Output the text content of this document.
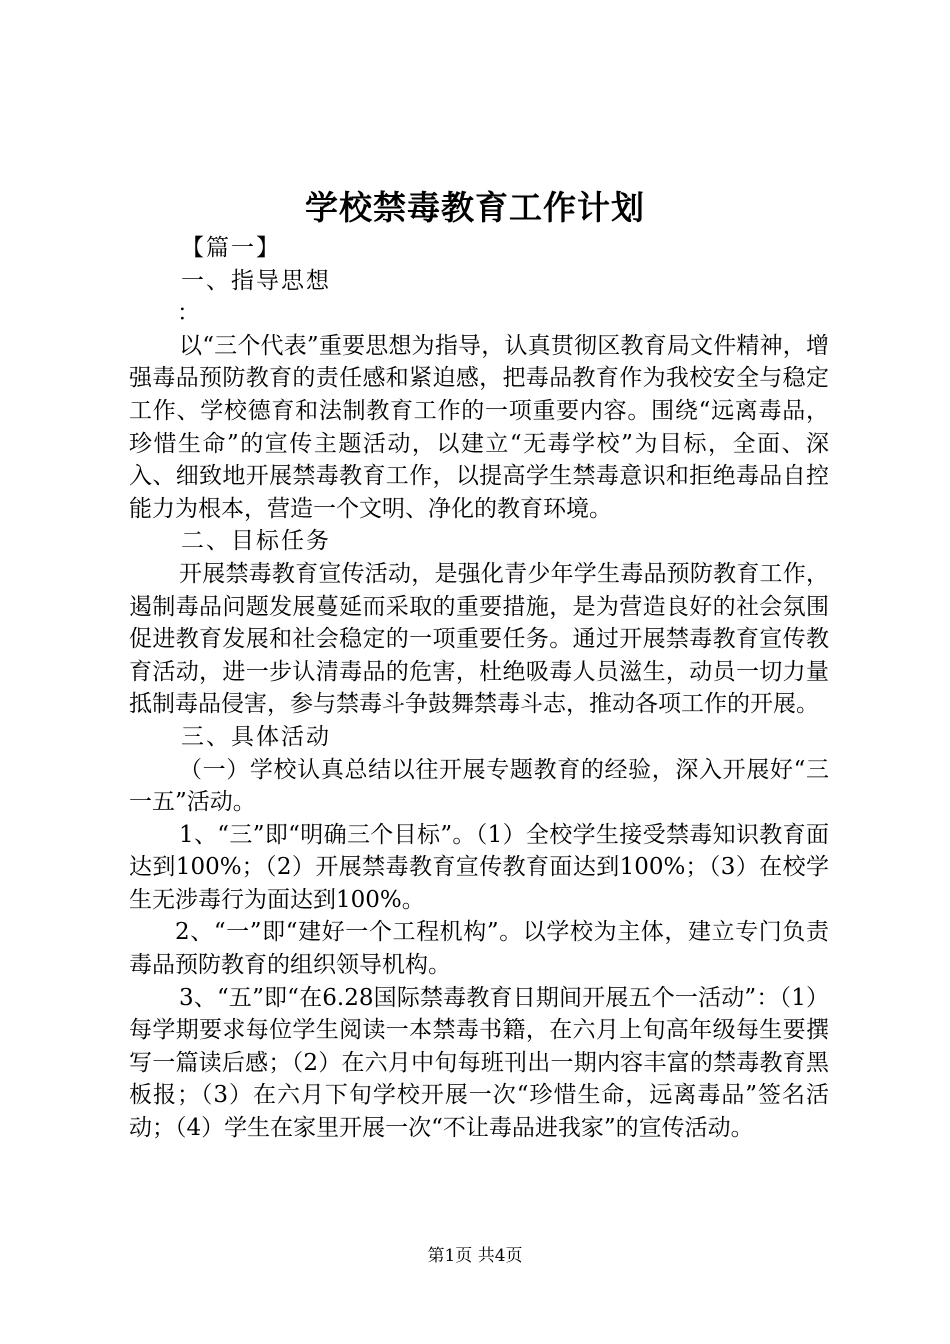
学校禁毒教育工作计划

【篇一】

一、指导思想

：

以“三个代表”重要思想为指导，认真贯彻区教育局文件精神，增强毒品预防教育的责任感和紧迫感，把毒品教育作为我校安全与稳定工作、学校德育和法制教育工作的一项重要内容。围绕“远离毒品，珍惜生命”的宣传主题活动，以建立“无毒学校”为目标，全面、深入、细致地开展禁毒教育工作，以提高学生禁毒意识和拒绝毒品自控能力为根本，营造一个文明、净化的教育环境。

二、目标任务

开展禁毒教育宣传活动，是强化青少年学生毒品预防教育工作，遏制毒品问题发展蔓延而采取的重要措施，是为营造良好的社会氛围促进教育发展和社会稳定的一项重要任务。通过开展禁毒教育宣传教育活动，进一步认清毒品的危害，杜绝吸毒人员滋生，动员一切力量抵制毒品侵害，参与禁毒斗争鼓舞禁毒斗志，推动各项工作的开展。

三、具体活动

（一）学校认真总结以往开展专题教育的经验，深入开展好“三一五”活动。

1、“三”即“明确三个目标”。（1）全校学生接受禁毒知识教育面达到100%；（2）开展禁毒教育宣传教育面达到100%；（3）在校学生无涉毒行为面达到100%。

2、“一”即“建好一个工程机构”。以学校为主体，建立专门负责毒品预防教育的组织领导机构。

3、“五”即“在6.28国际禁毒教育日期间开展五个一活动”：（1）每学期要求每位学生阅读一本禁毒书籍，在六月上旬高年级每生要撰写一篇读后感；（2）在六月中旬每班刊出一期内容丰富的禁毒教育黑板报；（3）在六月下旬学校开展一次“珍惜生命，远离毒品”签名活动；（4）学生在家里开展一次“不让毒品进我家”的宣传活动。

第1页 共4页
